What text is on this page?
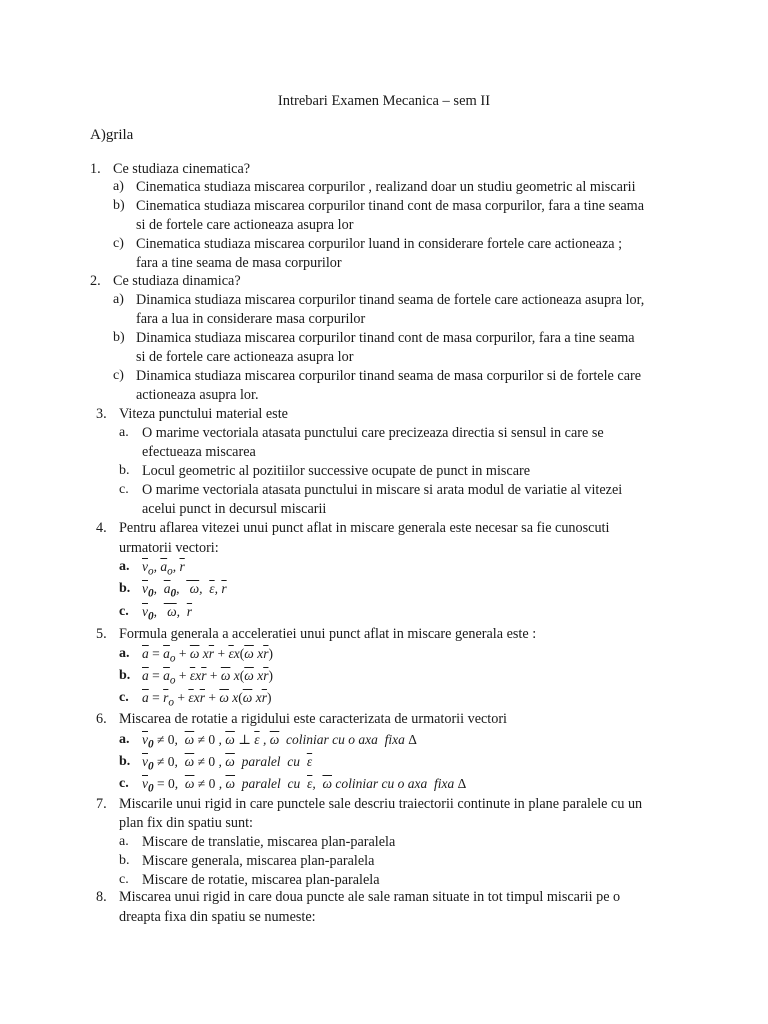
Intrebari Examen Mecanica – sem II
A)grila
1. Ce studiaza cinematica?
a) Cinematica studiaza miscarea corpurilor , realizand doar un studiu geometric al miscarii
b) Cinematica studiaza miscarea corpurilor tinand cont de masa corpurilor, fara a tine seama
si de fortele care actioneaza asupra lor
c) Cinematica studiaza miscarea corpurilor luand in considerare fortele care actioneaza ;
fara a tine seama de masa corpurilor
2. Ce studiaza dinamica?
a) Dinamica studiaza miscarea corpurilor tinand seama de fortele care actioneaza asupra lor,
fara a lua in considerare masa corpurilor
b) Dinamica studiaza miscarea corpurilor tinand cont de masa corpurilor, fara a tine seama
si de fortele care actioneaza asupra lor
c) Dinamica studiaza miscarea corpurilor tinand seama de masa corpurilor si de fortele care
actioneaza asupra lor.
3. Viteza punctului material este
a. O marime vectoriala atasata punctului care precizeaza directia si sensul in care se
efectueaza miscarea
b. Locul geometric al pozitiilor successive ocupate de punct in miscare
c. O marime vectoriala atasata punctului in miscare si arata modul de variatie al vitezei
acelui punct in decursul miscarii
4. Pentru aflarea vitezei unui punct aflat in miscare generala este necesar sa fie cunoscuti
urmatorii vectori:
a. $\overline{v}_o$, $\overline{a}_o$, $\overline{r}$
b. $\overline{v}_0$,  $\overline{a}_0$,   ω,  $\overline{\varepsilon}$, $\overline{r}$
c. $\overline{v}_0$,   ω,  $\overline{r}$
5. Formula generala a acceleratiei unui punct aflat in miscare generala este :
a. $\overline{a} = \overline{a}_o + \overline{\omega}$ $x\overline{r} + \overline{\varepsilon}x(\overline{\omega}$ $x\overline{r}$)
b. $\overline{a} = \overline{a}_o + \overline{\varepsilon}x\overline{r} + \overline{\omega}$ $x(\overline{\omega}$ $x\overline{r}$)
c. $\overline{a} = \overline{r}_o + \overline{\varepsilon}x\overline{r} + \overline{\omega}$ $x(\overline{\omega}$ $x\overline{r}$)
6. Miscarea de rotatie a rigidului este caracterizata de urmatorii vectori
a. $\overline{v}_0 \ne 0$,  $\overline{\omega} \ne 0$ , $\overline{\omega}$ ⊥ $\overline{\varepsilon}$ , $\overline{\omega}$  coliniar cu o axa  fixa Δ
b. $\overline{v}_0 \ne 0$,  $\overline{\omega} \ne 0$ , $\overline{\omega}$  paralel  cu  $\overline{\varepsilon}$
c. $\overline{v}_0 = 0$,  $\overline{\omega} \ne 0$ , $\overline{\omega}$  paralel  cu  $\overline{\varepsilon}$,  $\overline{\omega}$ coliniar cu o axa  fixa Δ
7. Miscarile unui rigid in care punctele sale descriu traiectorii continute in plane paralele cu un
plan fix din spatiu sunt:
a. Miscare de translatie, miscarea plan-paralela
b. Miscare generala, miscarea plan-paralela
c. Miscare de rotatie, miscarea plan-paralela
8. Miscarea unui rigid in care doua puncte ale sale raman situate in tot timpul miscarii pe o
dreapta fixa din spatiu se numeste:
